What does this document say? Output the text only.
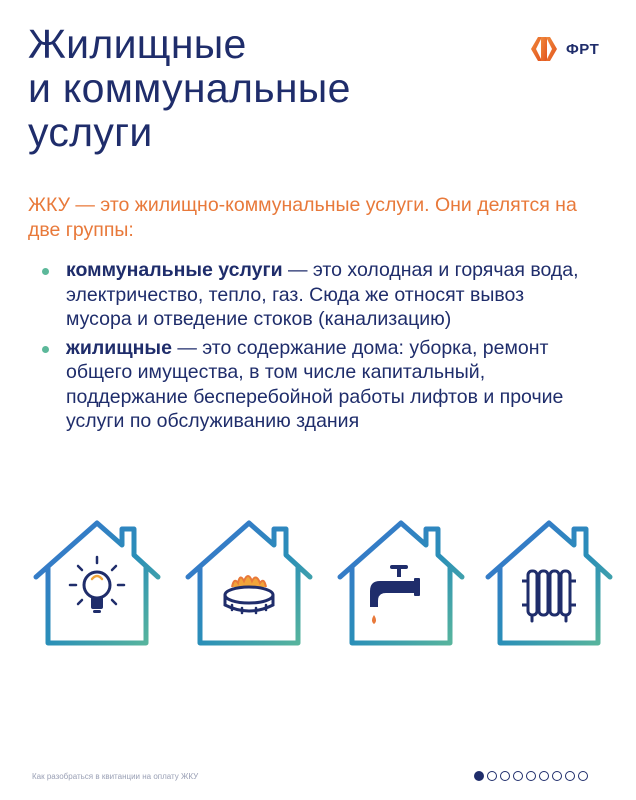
Жилищные
и коммунальные
услуги
ФРТ
ЖКУ — это жилищно-коммунальные услуги. Они делятся на две группы:
коммунальные услуги — это холодная и горячая вода, электричество, тепло, газ. Сюда же относят вывоз мусора и отведение стоков (канализацию)
жилищные — это содержание дома: уборка, ремонт общего имущества, в том числе капитальный, поддержание бесперебойной работы лифтов и прочие услуги по обслуживанию здания
Как разобраться в квитанции на оплату ЖКУ
